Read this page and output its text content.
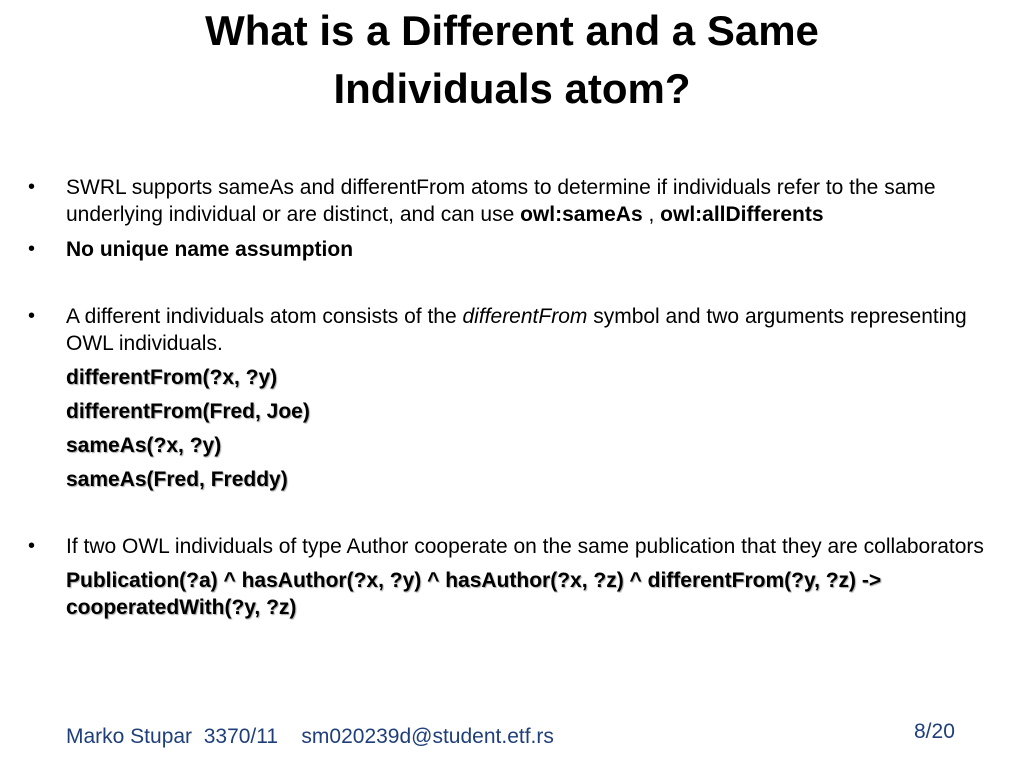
What is a Different and a Same
Individuals atom?
• SWRL supports sameAs and differentFrom atoms to determine if individuals refer to the same underlying individual or are distinct, and can use owl:sameAs , owl:allDifferents
• No unique name assumption
• A different individuals atom consists of the differentFrom symbol and two arguments representing OWL individuals.
differentFrom(?x, ?y)
differentFrom(Fred, Joe)
sameAs(?x, ?y)
sameAs(Fred, Freddy)
• If two OWL individuals of type Author cooperate on the same publication that they are collaborators
Publication(?a) ^ hasAuthor(?x, ?y) ^ hasAuthor(?x, ?z) ^ differentFrom(?y, ?z) -> cooperatedWith(?y, ?z)
Marko Stupar  3370/11    sm020239d@student.etf.rs	8/20
